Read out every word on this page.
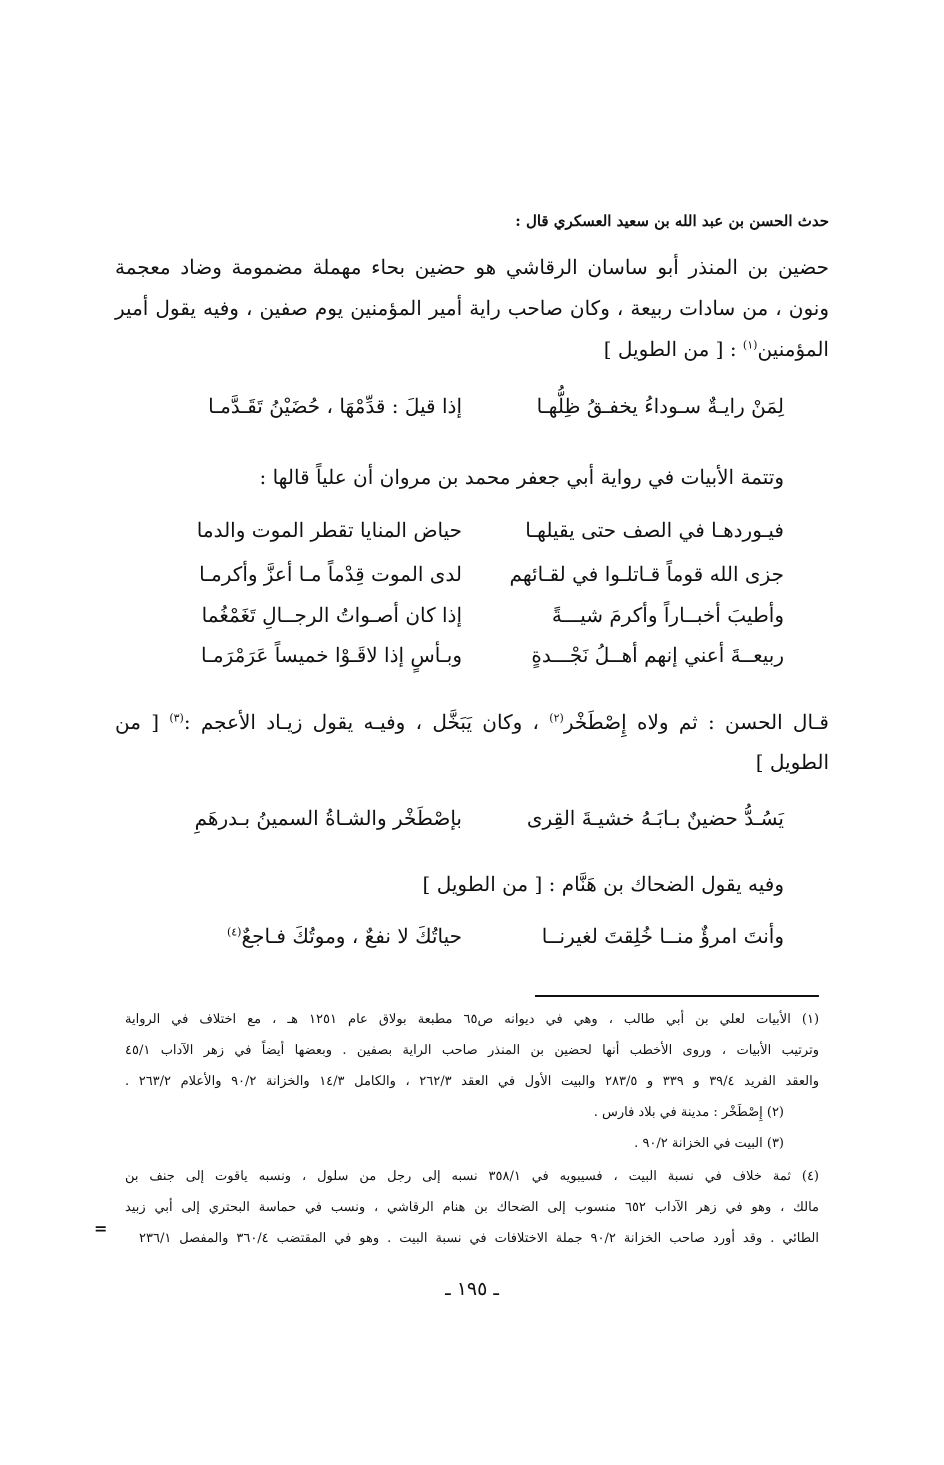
حدث الحسن بن عبد الله بن سعيد العسكري قال :
حضين بن المنذر أبو ساسان الرقاشي هو حضين بحاء مهملة مضمومة وضاد معجمة
ونون ، من سادات ربيعة ، وكان صاحب راية أمير المؤمنين يوم صفين ، وفيه يقول أمير
المؤمنين$^{(١)}$ : [ من الطويل ]
لِمَنْ رايـةٌ سـوداءُ يخفـقُ ظِلُّهـا
إذا قيلَ : قدِّمْهَا ، حُضَيْنُ تَقَـدَّمـا
وتتمة الأبيات في رواية أبي جعفر محمد بن مروان أن علياً قالها :
فيـوردهـا في الصف حتى يقيلهـا
حياض المنايا تقطر الموت والدما
جزى الله قوماً قـاتلـوا في لقـائهم
لدى الموت قِدْماً مـا أعزَّ وأكرمـا
وأطيبَ أخبــاراً وأكرمَ شيـــةً
إذا كان أصـواتُ الرجــالِ تَغَمْغُما
ربيعــةَ أعني إنهم أهــلُ نَجْـــدةٍ
وبـأسٍ إذا لاقَـوْا خميساً عَرَمْرَمـا
قـال الحسن : ثم ولاه إِصْطَخْر$^{(٢)}$ ، وكان يَبَخَّل ، وفيـه يقول زيـاد الأعجم :$^{(٣)}$ [ من
الطويل ]
يَسُـدُّ حضينٌ بـابَـهُ خشيـةَ القِرى
بإصْطَخْر والشـاةُ السمينُ بـدرهَمِ
وفيه يقول الضحاك بن هَنَّام : [ من الطويل ]
وأنتَ امرؤٌ منــا خُلِقتَ لغيرنــا
حياتُكَ لا نفعٌ ، وموتُكَ فـاجعٌ$^{(٤)}$
(١) الأبيات لعلي بن أبي طالب ، وهي في ديوانه ص٦٥ مطبعة بولاق عام ١٢٥١ هـ ، مع اختلاف في الرواية
وترتيب الأبيات ، وروى الأخطب أنها لحضين بن المنذر صاحب الراية بصفين . وبعضها أيضاً في زهر الآداب ٤٥/١
والعقد الفريد ٣٩/٤ و ٣٣٩ و ٢٨٣/٥ والبيت الأول في العقد ٢٦٢/٣ ، والكامل ١٤/٣ والخزانة ٩٠/٢ والأعلام ٢٦٣/٢ .
(٢) إِصْطَخْر : مدينة في بلاد فارس .
(٣) البيت في الخزانة ٩٠/٢ .
(٤) ثمة خلاف في نسبة البيت ، فسيبويه في ٣٥٨/١ نسبه إلى رجل من سلول ، ونسبه ياقوت إلى جنف بن
مالك ، وهو في زهر الآداب ٦٥٢ منسوب إلى الضحاك بن هنام الرقاشي ، ونسب في حماسة البحتري إلى أبي زبيد
الطائي . وقد أورد صاحب الخزانة ٩٠/٢ جملة الاختلافات في نسبة البيت . وهو في المقتضب ٣٦٠/٤ والمفصل ٢٣٦/١
=
ـ ١٩٥ ـ
